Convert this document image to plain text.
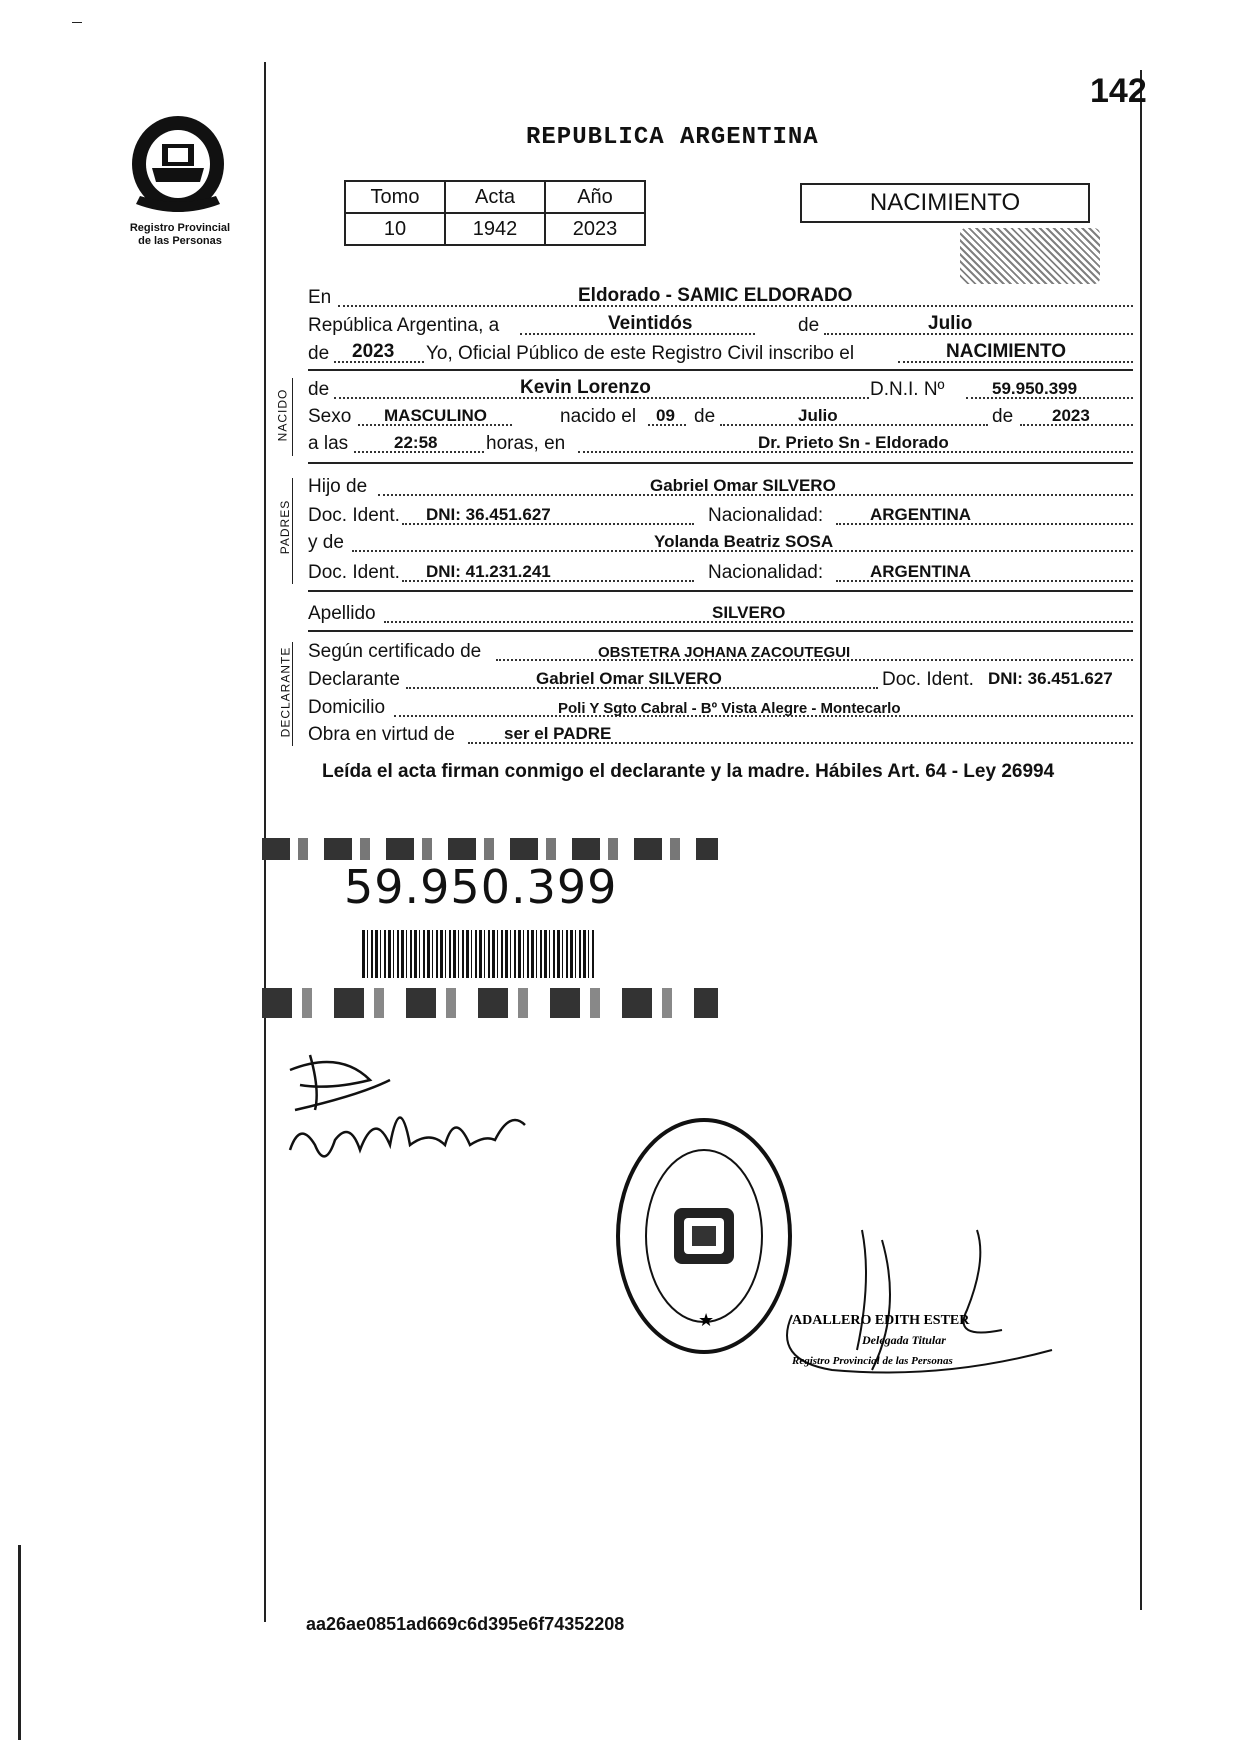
142
Registro Provincial
de las Personas
REPUBLICA ARGENTINA
Tomo	Acta	Año
10	1942	2023
NACIMIENTO
En	Eldorado - SAMIC ELDORADO
República Argentina, a	Veintidós	de	Julio
de 2023 Yo, Oficial Público de este Registro Civil inscribo el	NACIMIENTO
NACIDO de	Kevin Lorenzo	D.N.I. Nº	59.950.399
Sexo MASCULINO	nacido el 09 de	Julio	de 2023
a las	22:58	horas, en	Dr. Prieto Sn - Eldorado
PADRES
Hijo de	Gabriel Omar SILVERO
Doc. Ident. DNI: 36.451.627	Nacionalidad:	ARGENTINA
y de	Yolanda Beatriz SOSA
Doc. Ident. DNI: 41.231.241	Nacionalidad:	ARGENTINA
Apellido	SILVERO
DECLARANTE Según certificado de	OBSTETRA JOHANA ZACOUTEGUI
Declarante	Gabriel Omar SILVERO	Doc. Ident. DNI: 36.451.627
Domicilio	Poli Y Sgto Cabral - Bº Vista Alegre - Montecarlo
Obra en virtud de	ser el PADRE
Leída el acta firman conmigo el declarante y la madre. Hábiles Art. 64 - Ley 26994
59.950.399
★	ADALLERO EDITH ESTER
Delegada Titular
Registro Provincial de las Personas
aa26ae0851ad669c6d395e6f74352208
